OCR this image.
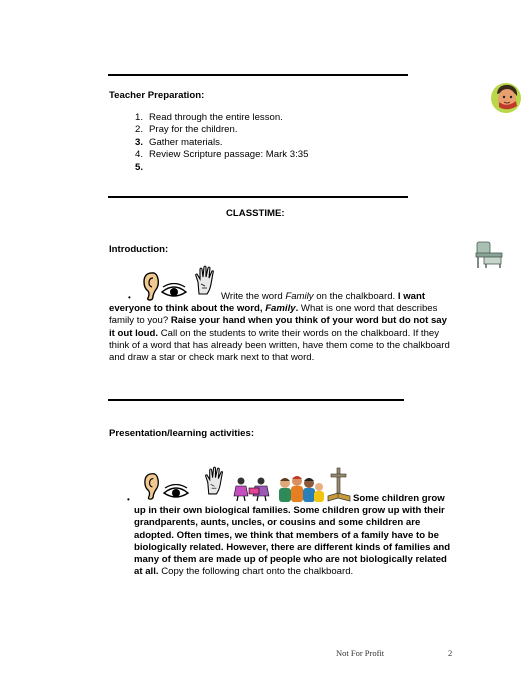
Teacher Preparation:
1. Read through the entire lesson.
2. Pray for the children.
3. Gather materials.
4. Review Scripture passage: Mark 3:35
5.
CLASSTIME:
Introduction:
•	Write the word Family on the chalkboard. I want everyone to think about the word, Family. What is one word that describes family to you? Raise your hand when you think of your word but do not say it out loud. Call on the students to write their words on the chalkboard. If they think of a word that has already been written, have them come to the chalkboard and draw a star or check mark next to that word.
Presentation/learning activities:
•	Some children grow up in their own biological families. Some children grow up with their grandparents, aunts, uncles, or cousins and some children are adopted. Often times, we think that members of a family have to be biologically related. However, there are different kinds of families and many of them are made up of people who are not biologically related at all. Copy the following chart onto the chalkboard.
Not For Profit	2
